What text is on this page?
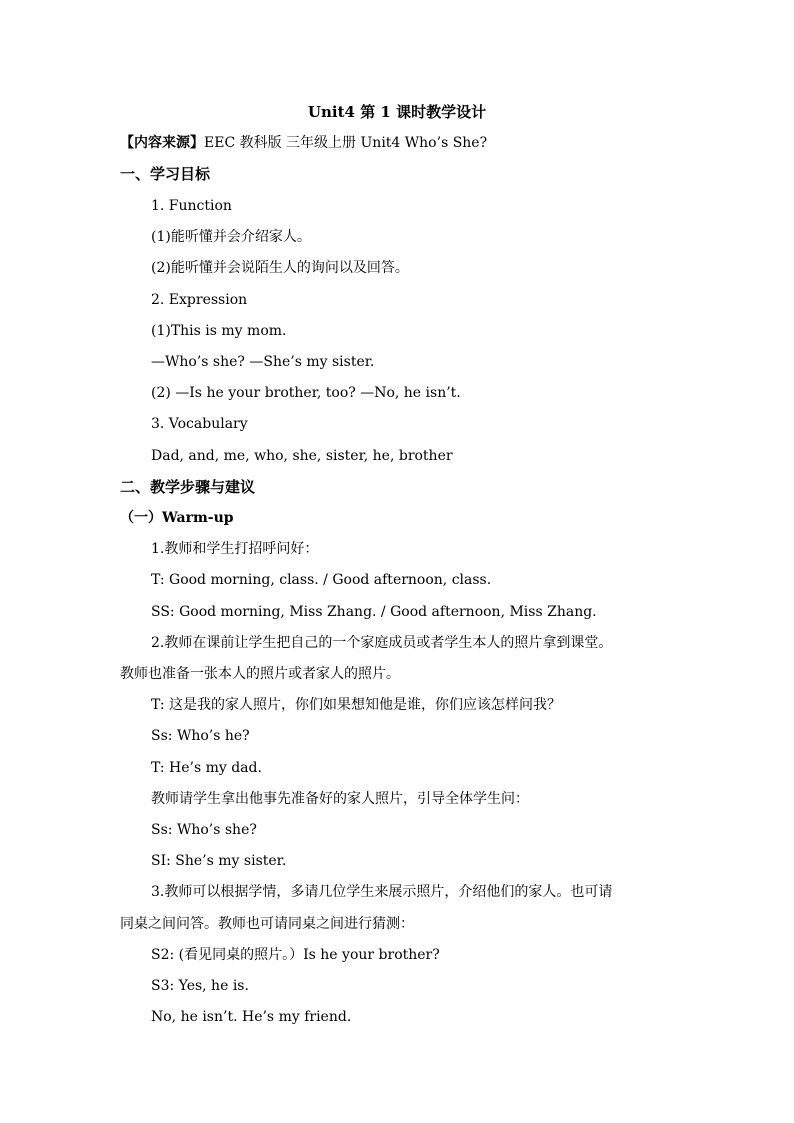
Unit4 第 1 课时教学设计
【内容来源】EEC 教科版 三年级上册 Unit4 Who’s She?
一、学习目标
1. Function
(1)能听懂并会介绍家人。
(2)能听懂并会说陌生人的询问以及回答。
2. Expression
(1)This is my mom.
—Who’s she? —She’s my sister.
(2) —Is he your brother, too? —No, he isn’t.
3. Vocabulary
Dad, and, me, who, she, sister, he, brother
二、教学步骤与建议
（一）Warm-up
1.教师和学生打招呼问好：
T: Good morning, class. / Good afternoon, class.
SS: Good morning, Miss Zhang. / Good afternoon, Miss Zhang.
2.教师在课前让学生把自己的一个家庭成员或者学生本人的照片拿到课堂。
教师也准备一张本人的照片或者家人的照片。
T: 这是我的家人照片，你们如果想知他是谁，你们应该怎样问我？
Ss: Who’s he?
T: He’s my dad.
教师请学生拿出他事先准备好的家人照片，引导全体学生问：
Ss: Who’s she?
SI: She’s my sister.
3.教师可以根据学情，多请几位学生来展示照片，介绍他们的家人。也可请
同桌之间问答。教师也可请同桌之间进行猜测：
S2: (看见同桌的照片。）Is he your brother?
S3: Yes, he is.
No, he isn’t. He’s my friend.
